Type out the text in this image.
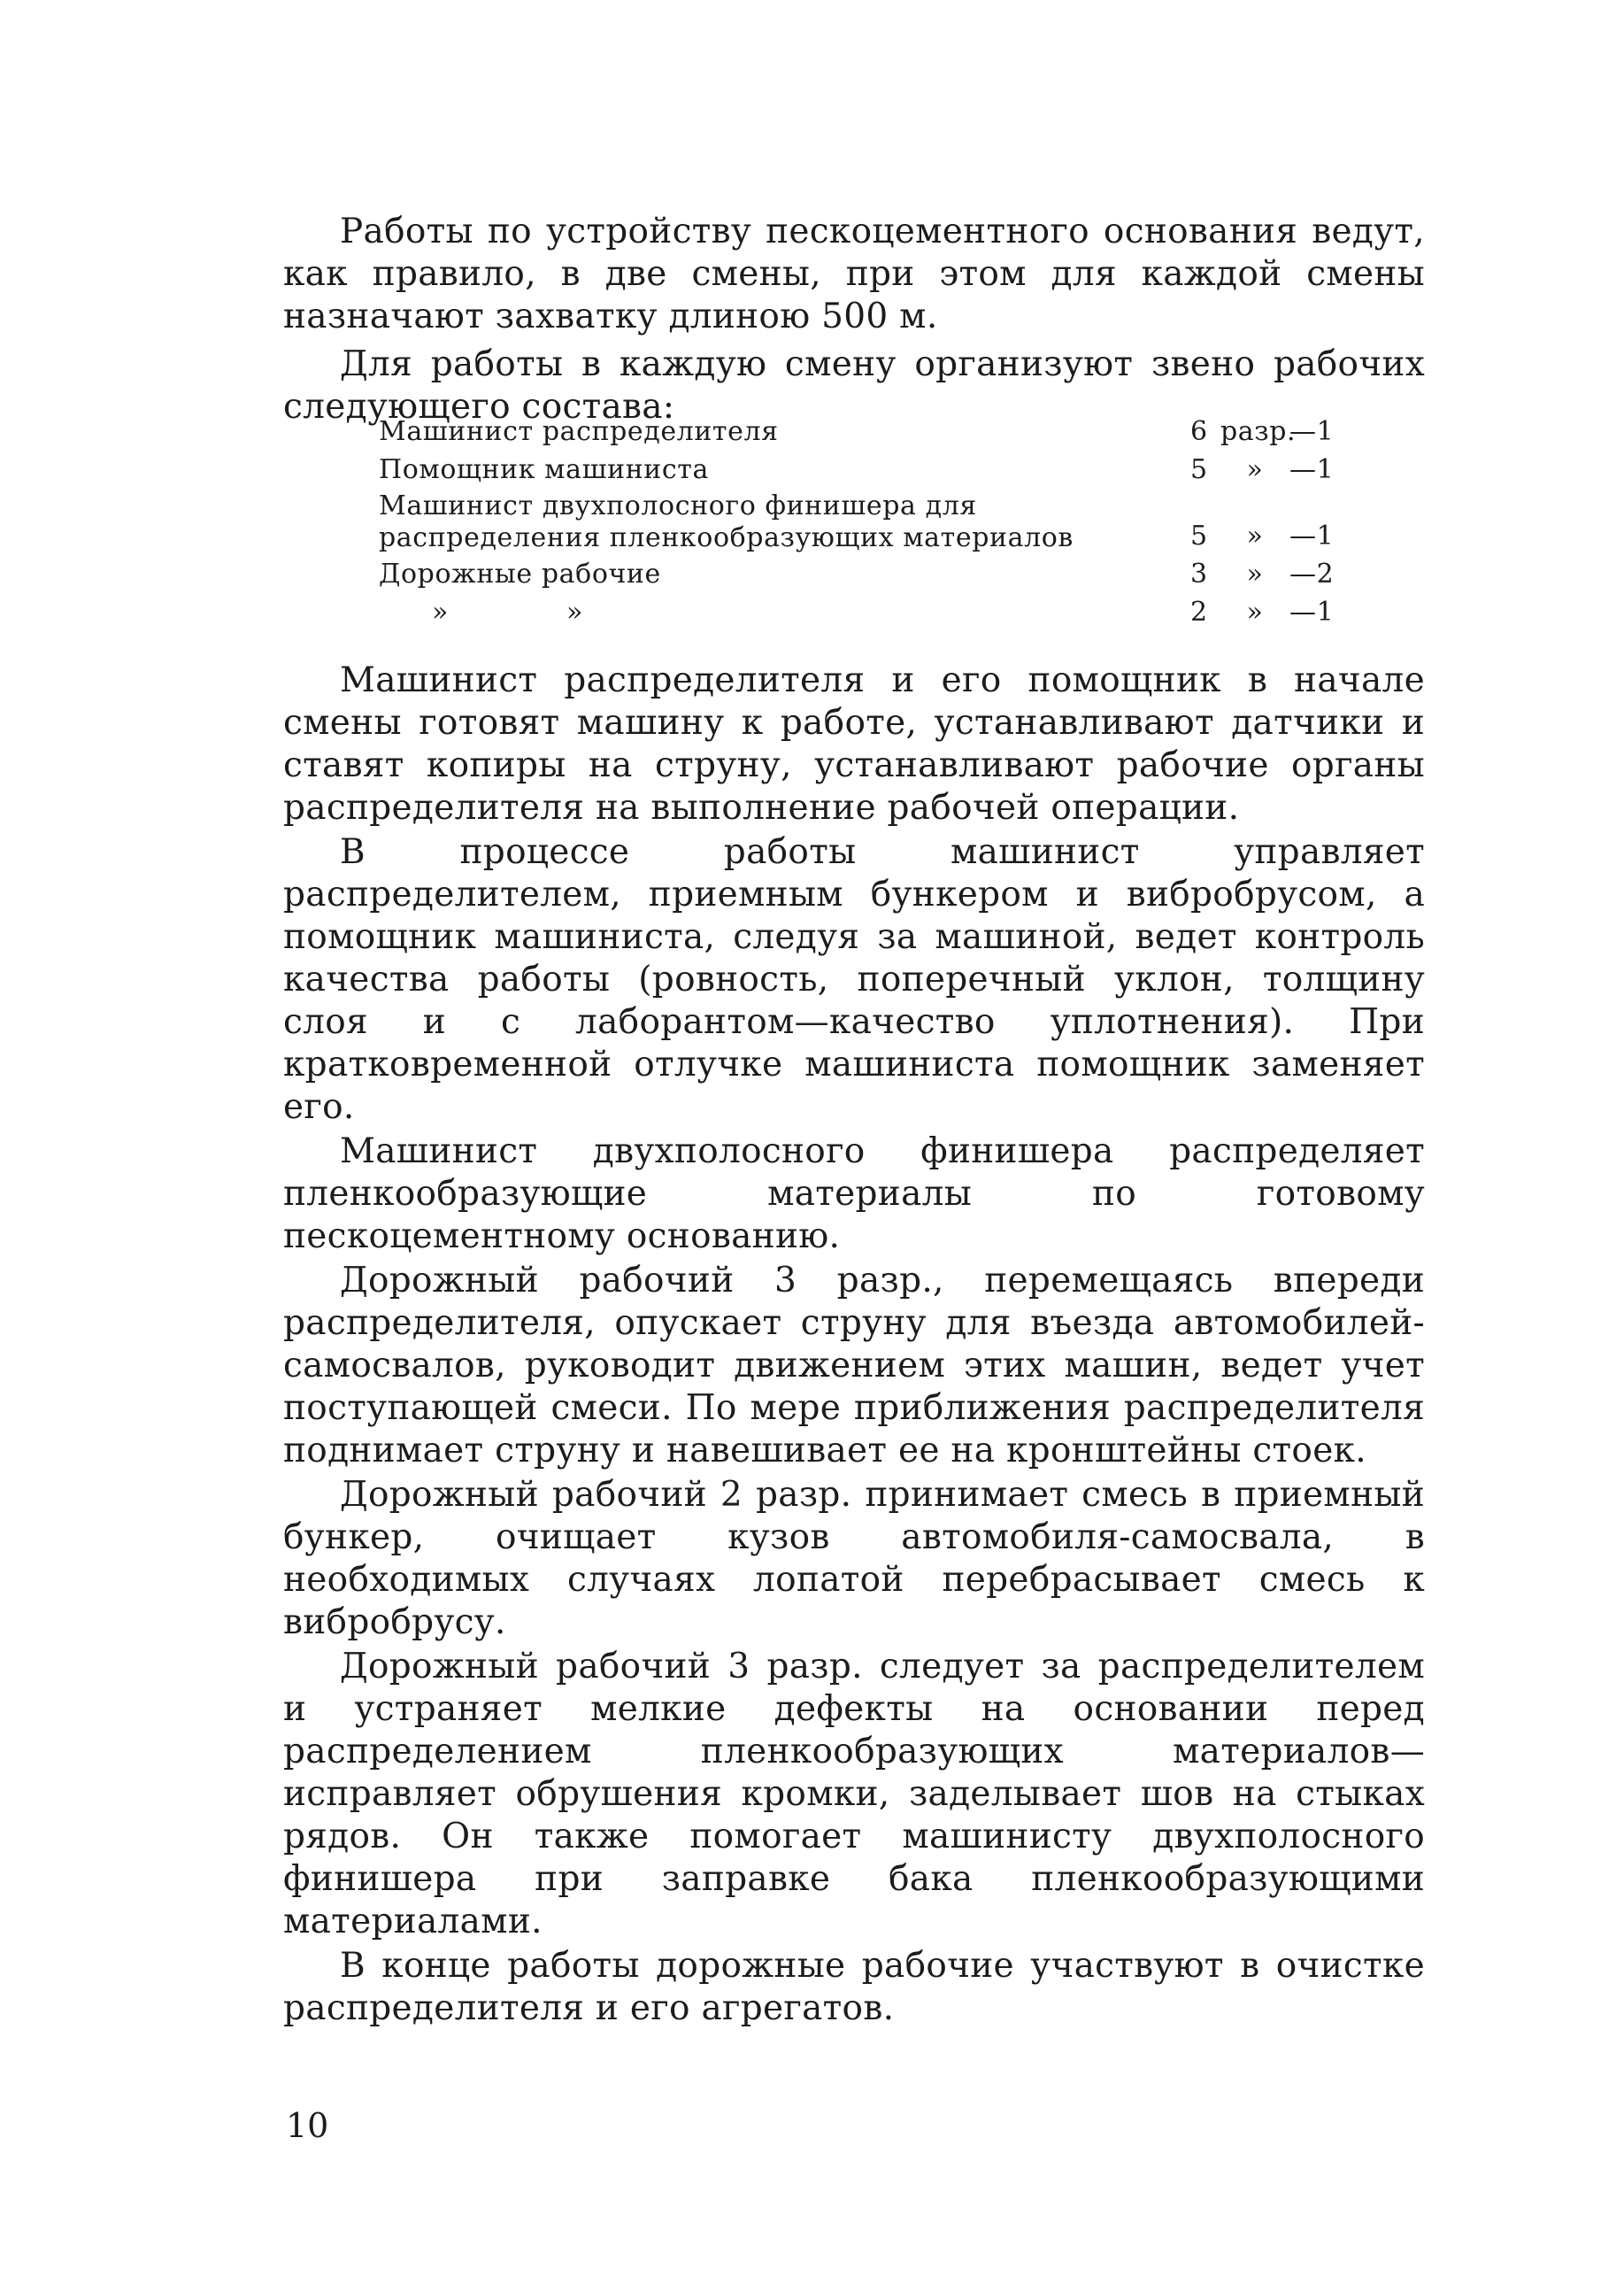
Работы по устройству пескоцементного основания ведут, как правило, в две смены, при этом для каждой смены назначают захватку длиною 500 м.

Для работы в каждую смену организуют звено рабочих следующего состава:

Машинист распределителя	6 разр.—1
Помощник машиниста	5 » —1
Машинист двухполосного финишера для распределения пленкообразующих материалов	5 » —1
Дорожные рабочие	3 » —2
»	»	2 » —1

Машинист распределителя и его помощник в начале смены готовят машину к работе, устанавливают датчики и ставят копиры на струну, устанавливают рабочие органы распределителя на выполнение рабочей операции.

В процессе работы машинист управляет распределителем, приемным бункером и вибробрусом, а помощник машиниста, следуя за машиной, ведет контроль качества работы (ровность, поперечный уклон, толщину слоя и с лаборантом—качество уплотнения). При кратковременной отлучке машиниста помощник заменяет его.

Машинист двухполосного финишера распределяет пленкообразующие материалы по готовому пескоцементному основанию.

Дорожный рабочий 3 разр., перемещаясь впереди распределителя, опускает струну для въезда автомобилей-самосвалов, руководит движением этих машин, ведет учет поступающей смеси. По мере приближения распределителя поднимает струну и навешивает ее на кронштейны стоек.

Дорожный рабочий 2 разр. принимает смесь в приемный бункер, очищает кузов автомобиля-самосвала, в необходимых случаях лопатой перебрасывает смесь к вибробрусу.

Дорожный рабочий 3 разр. следует за распределителем и устраняет мелкие дефекты на основании перед распределением пленкообразующих материалов—исправляет обрушения кромки, заделывает шов на стыках рядов. Он также помогает машинисту двухполосного финишера при заправке бака пленкообразующими материалами.

В конце работы дорожные рабочие участвуют в очистке распределителя и его агрегатов.

10
